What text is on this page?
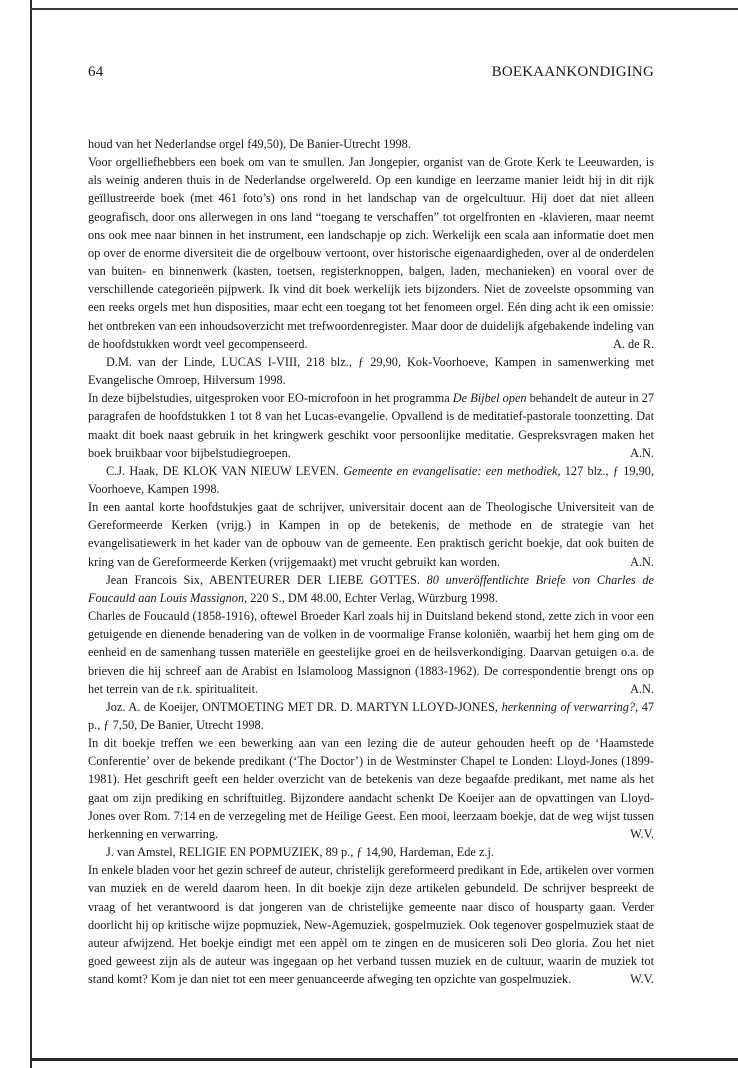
64	BOEKAANKONDIGING

houd van het Nederlandse orgel f49,50), De Banier-Utrecht 1998.

Voor orgelliefhebbers een boek om van te smullen. Jan Jongepier, organist van de Grote Kerk te Leeuwarden, is als weinig anderen thuis in de Nederlandse orgelwereld. Op een kundige en leerzame manier leidt hij in dit rijk geïllustreerde boek (met 461 foto’s) ons rond in het landschap van de orgelcultuur. Hij doet dat niet alleen geografisch, door ons allerwegen in ons land “toegang te verschaffen” tot orgelfronten en -klavieren, maar neemt ons ook mee naar binnen in het instrument, een landschapje op zich. Werkelijk een scala aan informatie doet men op over de enorme diversiteit die de orgelbouw vertoont, over historische eigenaardigheden, over al de onderdelen van buiten- en binnenwerk (kasten, toetsen, registerknoppen, balgen, laden, mechanieken) en vooral over de verschillende categorieën pijpwerk. Ik vind dit boek werkelijk iets bijzonders. Niet de zoveelste opsomming van een reeks orgels met hun disposities, maar echt een toegang tot het fenomeen orgel. Eén ding acht ik een omissie: het ontbreken van een inhoudsoverzicht met trefwoordenregister. Maar door de duidelijk afgebakende indeling van de hoofdstukken wordt veel gecompenseerd.	A. de R.

D.M. van der Linde, LUCAS I-VIII, 218 blz., ƒ 29,90, Kok-Voorhoeve, Kampen in samenwerking met Evangelische Omroep, Hilversum 1998.

In deze bijbelstudies, uitgesproken voor EO-microfoon in het programma De Bijbel open behandelt de auteur in 27 paragrafen de hoofdstukken 1 tot 8 van het Lucas-evangelie. Opvallend is de meditatief-pastorale toonzetting. Dat maakt dit boek naast gebruik in het kringwerk geschikt voor persoonlijke meditatie. Gespreksvragen maken het boek bruikbaar voor bijbelstudiegroepen.	A.N.

C.J. Haak, DE KLOK VAN NIEUW LEVEN. Gemeente en evangelisatie: een methodiek, 127 blz., ƒ 19,90, Voorhoeve, Kampen 1998.

In een aantal korte hoofdstukjes gaat de schrijver, universitair docent aan de Theologische Universiteit van de Gereformeerde Kerken (vrijg.) in Kampen in op de betekenis, de methode en de strategie van het evangelisatiewerk in het kader van de opbouw van de gemeente. Een praktisch gericht boekje, dat ook buiten de kring van de Gereformeerde Kerken (vrijgemaakt) met vrucht gebruikt kan worden.	A.N.

Jean Francois Six, ABENTEURER DER LIEBE GOTTES. 80 unveröffentlichte Briefe von Charles de Foucauld aan Louis Massignon, 220 S., DM 48.00, Echter Verlag, Würzburg 1998.

Charles de Foucauld (1858-1916), oftewel Broeder Karl zoals hij in Duitsland bekend stond, zette zich in voor een getuigende en dienende benadering van de volken in de voormalige Franse koloniën, waarbij het hem ging om de eenheid en de samenhang tussen materiële en geestelijke groei en de heilsverkondiging. Daarvan getuigen o.a. de brieven die hij schreef aan de Arabist en Islamoloog Massignon (1883-1962). De correspondentie brengt ons op het terrein van de r.k. spiritualiteit.	A.N.

Joz. A. de Koeijer, ONTMOETING MET DR. D. MARTYN LLOYD-JONES, herkenning of verwarring?, 47 p., ƒ 7,50, De Banier, Utrecht 1998.

In dit boekje treffen we een bewerking aan van een lezing die de auteur gehouden heeft op de ‘Haamstede Conferentie’ over de bekende predikant (‘The Doctor’) in de Westminster Chapel te Londen: Lloyd-Jones (1899-1981). Het geschrift geeft een helder overzicht van de betekenis van deze begaafde predikant, met name als het gaat om zijn prediking en schriftuitleg. Bijzondere aandacht schenkt De Koeijer aan de opvattingen van Lloyd-Jones over Rom. 7:14 en de verzegeling met de Heilige Geest. Een mooi, leerzaam boekje, dat de weg wijst tussen herkenning en verwarring.	W.V.

J. van Amstel, RELIGIE EN POPMUZIEK, 89 p., ƒ 14,90, Hardeman, Ede z.j.

In enkele bladen voor het gezin schreef de auteur, christelijk gereformeerd predikant in Ede, artikelen over vormen van muziek en de wereld daarom heen. In dit boekje zijn deze artikelen gebundeld. De schrijver bespreekt de vraag of het verantwoord is dat jongeren van de christelijke gemeente naar disco of housparty gaan. Verder doorlicht hij op kritische wijze popmuziek, New-Agemuziek, gospelmuziek. Ook tegenover gospelmuziek staat de auteur afwijzend. Het boekje eindigt met een appèl om te zingen en de musiceren soli Deo gloria. Zou het niet goed geweest zijn als de auteur was ingegaan op het verband tussen muziek en de cultuur, waarin de muziek tot stand komt? Kom je dan niet tot een meer genuanceerde afweging ten opzichte van gospelmuziek.	W.V.
